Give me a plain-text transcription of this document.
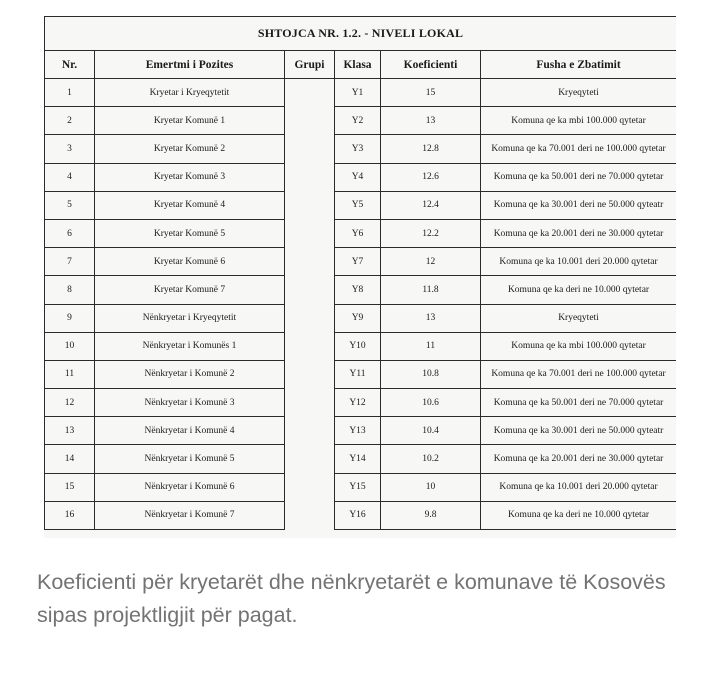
SHTOJCA NR. 1.2. - NIVELI LOKAL					
Nr.	Emertmi i Pozites	Grupi	Klasa	Koeficienti	Fusha e Zbatimit
1	Kryetar i Kryeqytetit		Y1	15	Kryeqyteti
2	Kryetar Komunë 1		Y2	13	Komuna qe ka mbi 100.000 qytetar
3	Kryetar Komunë 2		Y3	12.8	Komuna qe ka 70.001 deri ne 100.000 qytetar
4	Kryetar Komunë 3		Y4	12.6	Komuna qe ka 50.001 deri ne 70.000 qytetar
5	Kryetar Komunë 4		Y5	12.4	Komuna qe ka 30.001 deri ne 50.000 qyteatr
6	Kryetar Komunë 5		Y6	12.2	Komuna qe ka 20.001 deri ne 30.000 qytetar
7	Kryetar Komunë 6		Y7	12	Komuna qe ka 10.001 deri 20.000 qytetar
8	Kryetar Komunë 7		Y8	11.8	Komuna qe ka deri ne 10.000 qytetar
9	Nënkryetar i Kryeqytetit		Y9	13	Kryeqyteti
10	Nënkryetar i Komunës 1		Y10	11	Komuna qe ka mbi 100.000 qytetar
11	Nënkryetar i Komunë 2		Y11	10.8	Komuna qe ka 70.001 deri ne 100.000 qytetar
12	Nënkryetar i Komunë 3		Y12	10.6	Komuna qe ka 50.001 deri ne 70.000 qytetar
13	Nënkryetar i Komunë 4		Y13	10.4	Komuna qe ka 30.001 deri ne 50.000 qyteatr
14	Nënkryetar i Komunë 5		Y14	10.2	Komuna qe ka 20.001 deri ne 30.000 qytetar
15	Nënkryetar i Komunë 6		Y15	10	Komuna qe ka 10.001 deri 20.000 qytetar
16	Nënkryetar i Komunë 7		Y16	9.8	Komuna qe ka deri ne 10.000 qytetar
Koeficienti për kryetarët dhe nënkryetarët e komunave të Kosovës sipas projektligjit për pagat.
